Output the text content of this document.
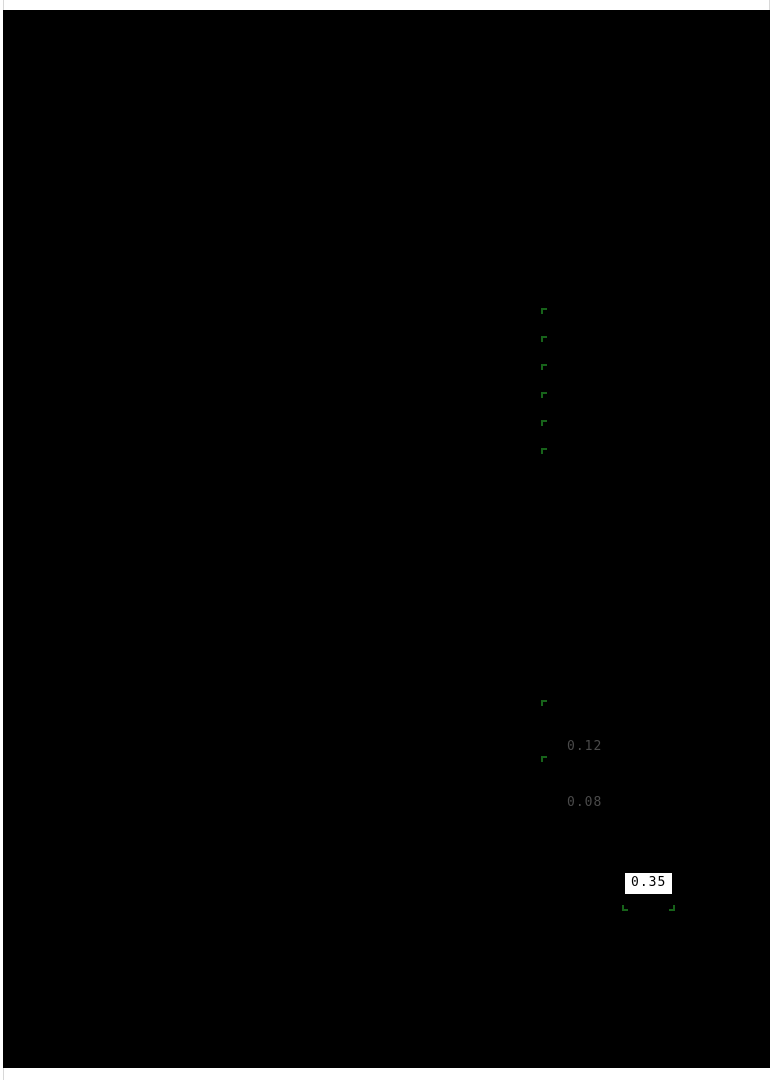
0.12
0.08
0.35
